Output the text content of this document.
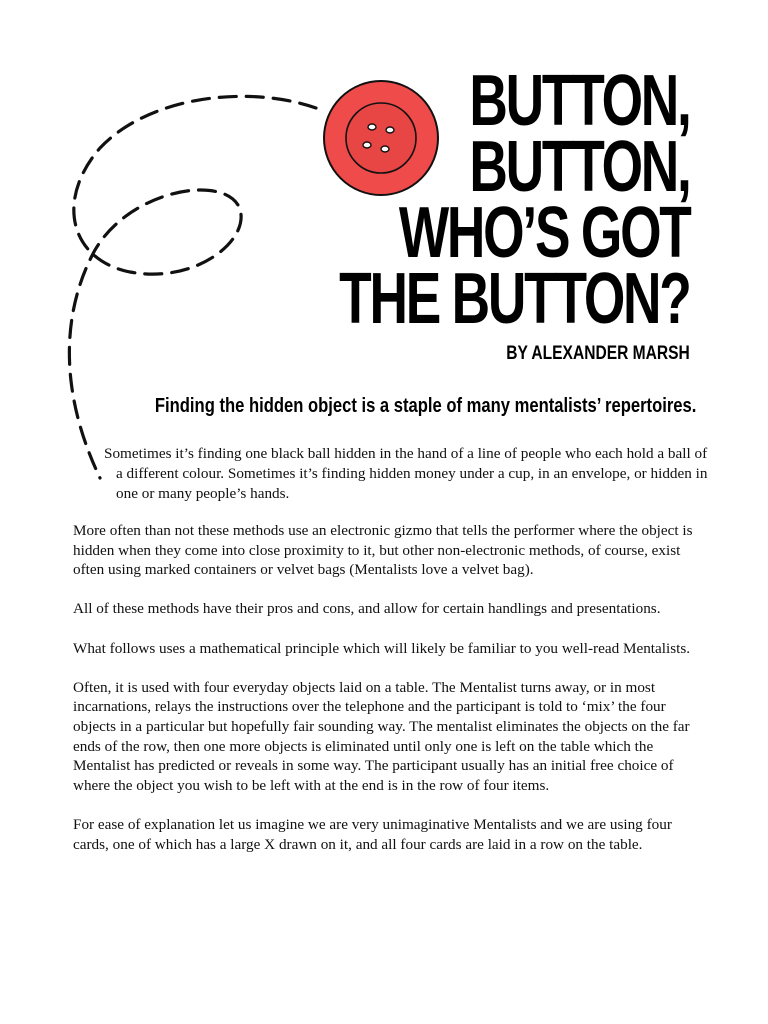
BUTTON,
BUTTON,
WHO’S GOT
THE BUTTON?
BY ALEXANDER MARSH
Finding the hidden object is a staple of many mentalists’ repertoires.
Sometimes it’s finding one black ball hidden in the hand of a line of people who each hold a ball of a different colour. Sometimes it’s finding hidden money under a cup, in an envelope, or hidden in one or many people’s hands.

More often than not these methods use an electronic gizmo that tells the performer where the object is hidden when they come into close proximity to it, but other non-electronic methods, of course, exist often using marked containers or velvet bags (Mentalists love a velvet bag).

All of these methods have their pros and cons, and allow for certain handlings and presentations.

What follows uses a mathematical principle which will likely be familiar to you well-read Mentalists.

Often, it is used with four everyday objects laid on a table. The Mentalist turns away, or in most incarnations, relays the instructions over the telephone and the participant is told to ‘mix’ the four objects in a particular but hopefully fair sounding way. The mentalist eliminates the objects on the far ends of the row, then one more objects is eliminated until only one is left on the table which the Mentalist has predicted or reveals in some way. The participant usually has an initial free choice of where the object you wish to be left with at the end is in the row of four items.

For ease of explanation let us imagine we are very unimaginative Mentalists and we are using four cards, one of which has a large X drawn on it, and all four cards are laid in a row on the table.
